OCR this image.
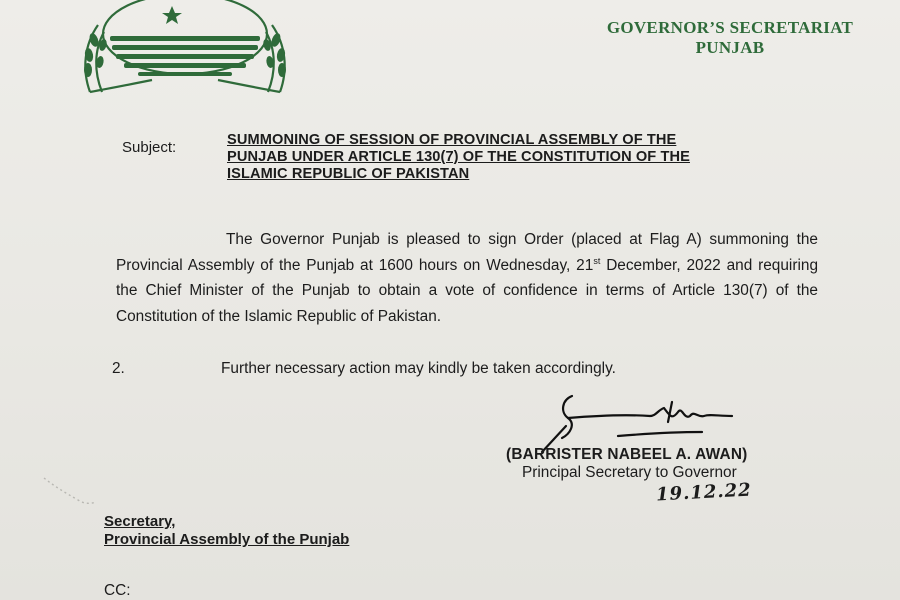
GOVERNOR’S SECRETARIAT
PUNJAB
Subject:	SUMMONING OF SESSION OF PROVINCIAL ASSEMBLY OF THE
PUNJAB UNDER ARTICLE 130(7) OF THE CONSTITUTION OF THE
ISLAMIC REPUBLIC OF PAKISTAN
The Governor Punjab is pleased to sign Order (placed at Flag A) summoning the Provincial Assembly of the Punjab at 1600 hours on Wednesday, 21st December, 2022 and requiring the Chief Minister of the Punjab to obtain a vote of confidence in terms of Article 130(7) of the Constitution of the Islamic Republic of Pakistan.
2.	Further necessary action may kindly be taken accordingly.
(BARRISTER NABEEL A. AWAN)
Principal Secretary to Governor
19.12.22
Secretary,
Provincial Assembly of the Punjab
CC:
